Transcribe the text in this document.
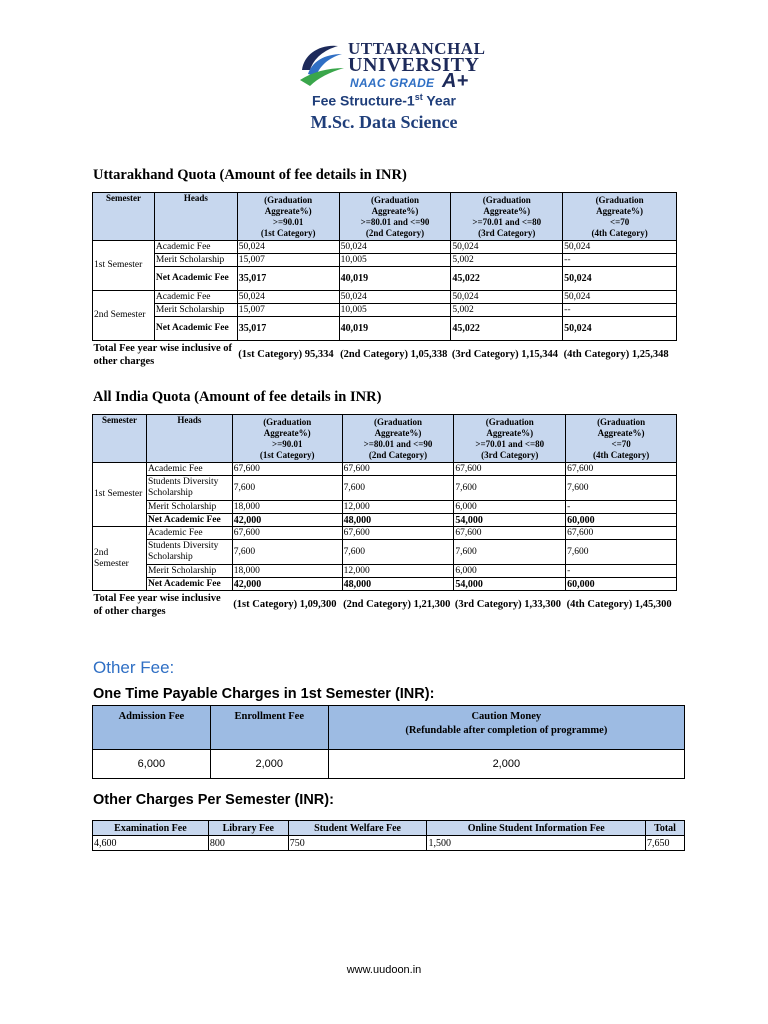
UTTARANCHAL
UNIVERSITY
NAAC GRADE A+
Fee Structure-1st Year
M.Sc. Data Science
Uttarakhand Quota (Amount of fee details in INR)
Semester	Heads	(Graduation
Aggreate%)
>=90.01
(1st Category)	(Graduation
Aggreate%)
>=80.01 and <=90
(2nd Category)	(Graduation
Aggreate%)
>=70.01 and <=80
(3rd Category)	(Graduation
Aggreate%)
<=70
(4th Category)
1st Semester	Academic Fee	50,024	50,024	50,024	50,024
	Merit Scholarship	15,007	10,005	5,002	--
	Net Academic Fee	35,017	40,019	45,022	50,024
2nd Semester	Academic Fee	50,024	50,024	50,024	50,024
	Merit Scholarship	15,007	10,005	5,002	--
	Net Academic Fee	35,017	40,019	45,022	50,024
Total Fee year wise inclusive of other charges		(1st Category) 95,334	(2nd Category) 1,05,338	(3rd Category) 1,15,344	(4th Category) 1,25,348
All India Quota (Amount of fee details in INR)
Semester	Heads	(Graduation
Aggreate%)
>=90.01
(1st Category)	(Graduation
Aggreate%)
>=80.01 and <=90
(2nd Category)	(Graduation
Aggreate%)
>=70.01 and <=80
(3rd Category)	(Graduation
Aggreate%)
<=70
(4th Category)
1st Semester	Academic Fee	67,600	67,600	67,600	67,600
	Students Diversity Scholarship	7,600	7,600	7,600	7,600
	Merit Scholarship	18,000	12,000	6,000	-
	Net Academic Fee	42,000	48,000	54,000	60,000
2nd Semester	Academic Fee	67,600	67,600	67,600	67,600
	Students Diversity Scholarship	7,600	7,600	7,600	7,600
	Merit Scholarship	18,000	12,000	6,000	-
	Net Academic Fee	42,000	48,000	54,000	60,000
Total Fee year wise inclusive of other charges		(1st Category) 1,09,300	(2nd Category) 1,21,300	(3rd Category) 1,33,300	(4th Category) 1,45,300
Other Fee:
One Time Payable Charges in 1st Semester (INR):
Admission Fee	Enrollment Fee	Caution Money
(Refundable after completion of programme)
6,000	2,000	2,000
Other Charges Per Semester (INR):
Examination Fee	Library Fee	Student Welfare Fee	Online Student Information Fee	Total
4,600	800	750	1,500	7,650
www.uudoon.in
